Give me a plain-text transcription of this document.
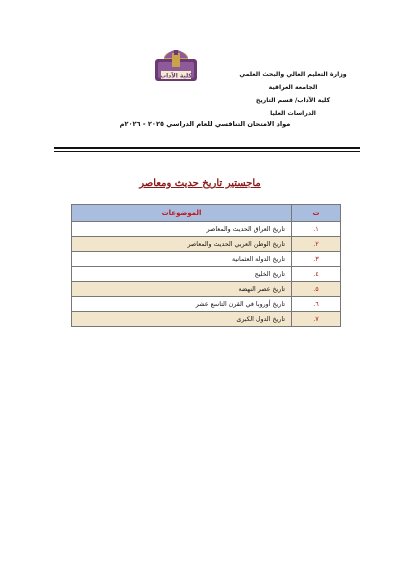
وزارة التعليم العالي والبحث العلمي
الجامعة العراقية
كلية الآداب/ قسم التاريخ
الدراسات العليا
كلية الآداب
مواد الامتحان التنافسي للعام الدراسي ٢٠٢٥ - ٢٠٢٦م
ماجستير تاريخ حديث ومعاصر
ت	الموضوعات
١.	تاريخ العراق الحديث والمعاصر
٢.	تاريخ الوطن العربي الحديث والمعاصر
٣.	تاريخ الدولة العثمانية
٤.	تاريخ الخليج
٥.	تاريخ عصر النهضة
٦.	تاريخ أوروبا في القرن التاسع عشر
٧.	تاريخ الدول الكبرى
